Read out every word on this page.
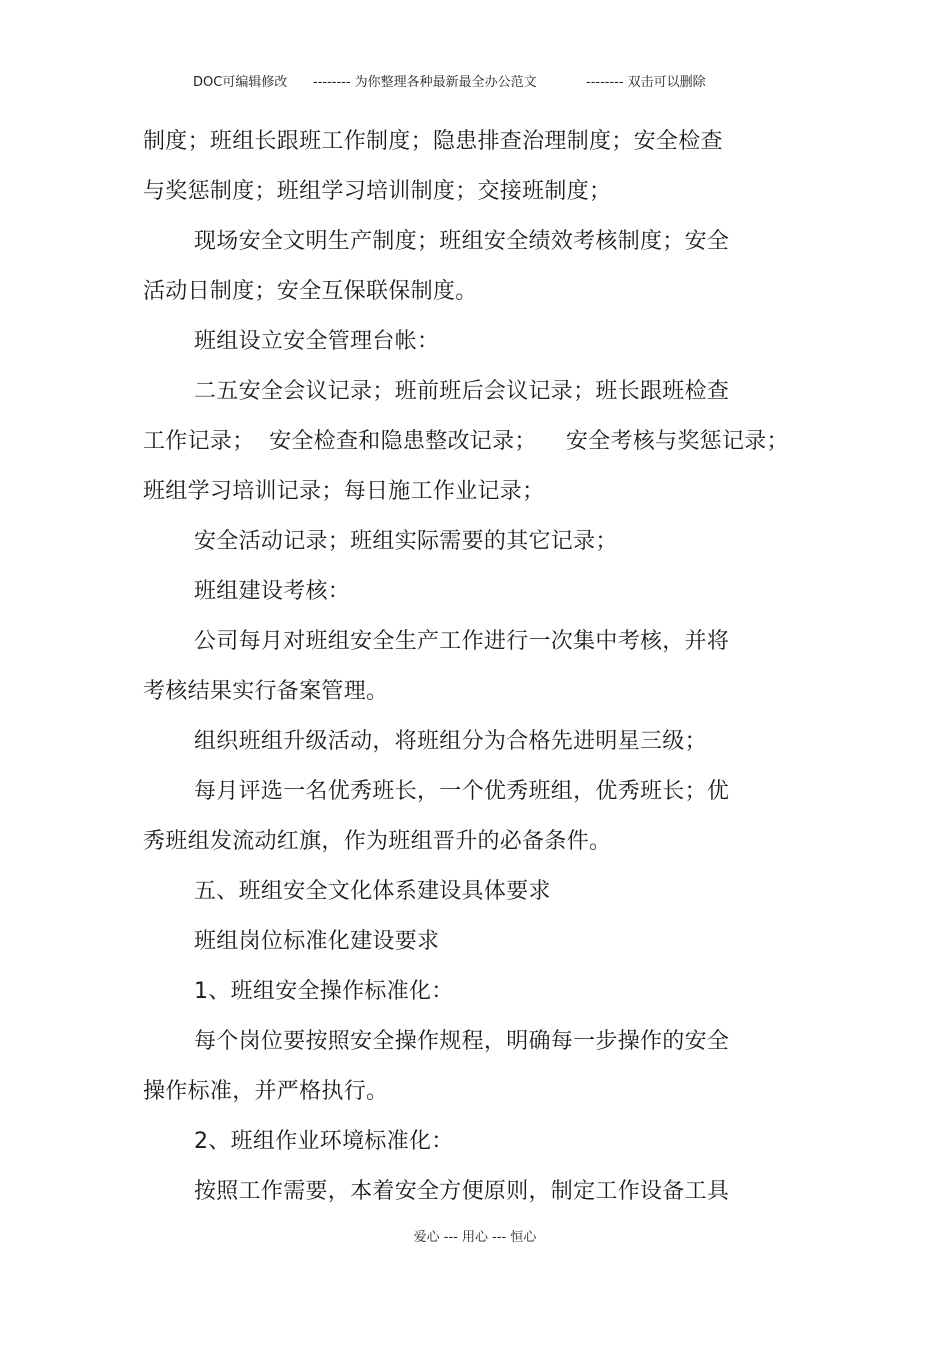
DOC可编辑修改 -------- 为你整理各种最新最全办公范文	-------- 双击可以删除
制度；班组长跟班工作制度；隐患排查治理制度；安全检查
与奖惩制度；班组学习培训制度；交接班制度；
现场安全文明生产制度；班组安全绩效考核制度；安全
活动日制度；安全互保联保制度。
班组设立安全管理台帐：
二五安全会议记录；班前班后会议记录；班长跟班检查
工作记录；  安全检查和隐患整改记录；    安全考核与奖惩记录；
班组学习培训记录；每日施工作业记录；
安全活动记录；班组实际需要的其它记录；
班组建设考核：
公司每月对班组安全生产工作进行一次集中考核，并将
考核结果实行备案管理。
组织班组升级活动，将班组分为合格先进明星三级；
每月评选一名优秀班长，一个优秀班组，优秀班长；优
秀班组发流动红旗，作为班组晋升的必备条件。
五、班组安全文化体系建设具体要求
班组岗位标准化建设要求
1、班组安全操作标准化：
每个岗位要按照安全操作规程，明确每一步操作的安全
操作标准，并严格执行。
2、班组作业环境标准化：
按照工作需要，本着安全方便原则，制定工作设备工具
爱心 --- 用心 --- 恒心
